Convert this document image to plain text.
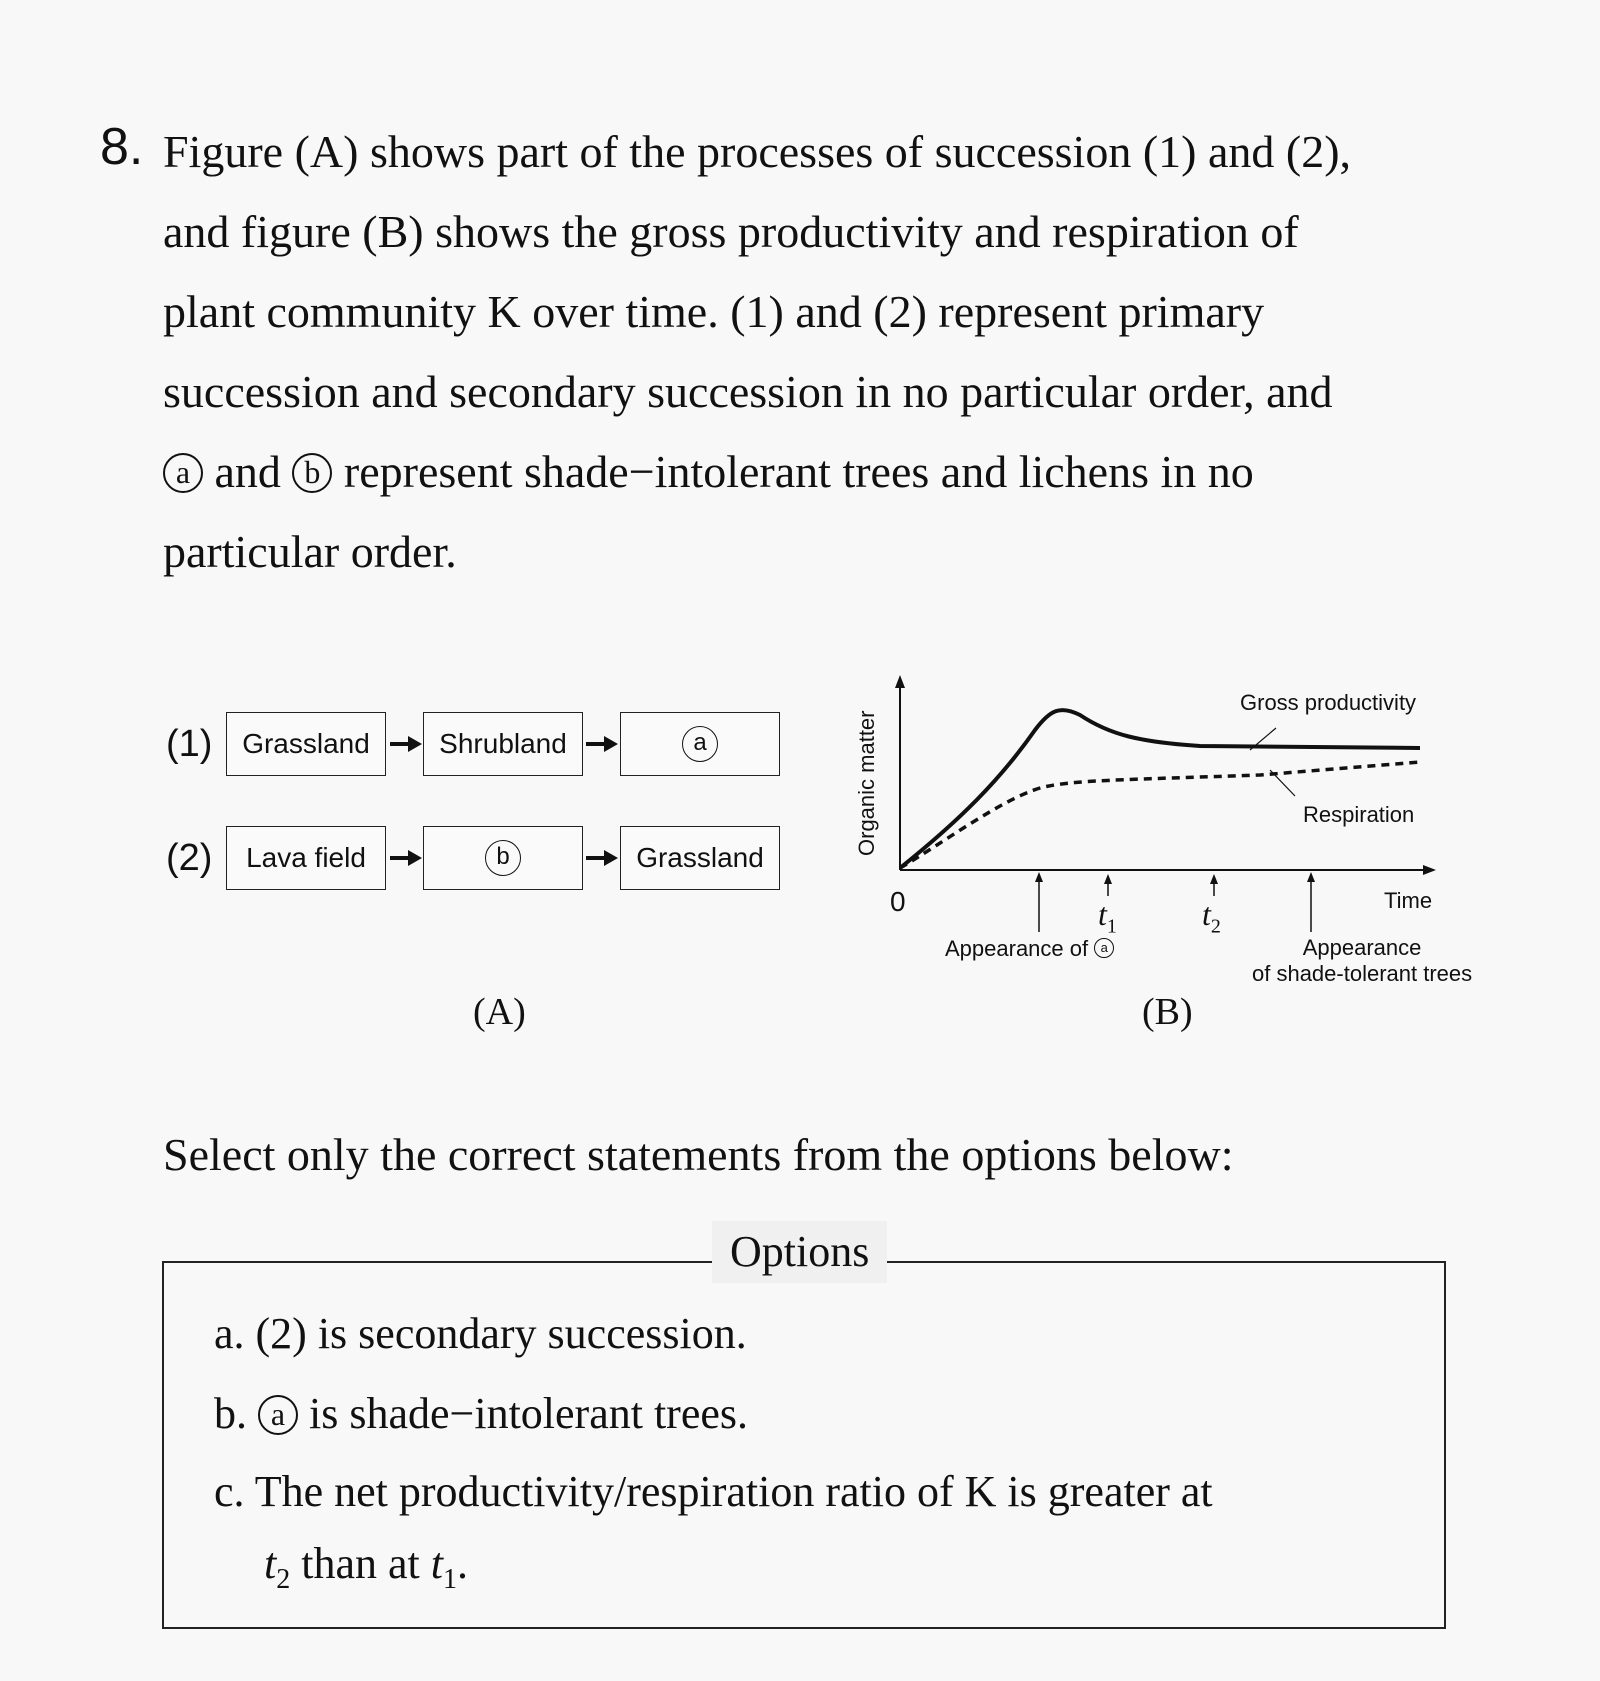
8. Figure (A) shows part of the processes of succession (1) and (2),

and figure (B) shows the gross productivity and respiration of

plant community K over time. (1) and (2) represent primary

succession and secondary succession in no particular order, and

a and b represent shade−intolerant trees and lichens in no

particular order.

(1)	Grassland	Shrubland	a
(2)	Lava field	b	Grassland
(A)
Organic matter
0	Time
Gross productivity
Respiration
$t_1$	$t_2$
Appearance of a	Appearance
of shade-tolerant trees
(B)
Select only the correct statements from the options below:
Options
a. (2) is secondary succession.
b. a is shade−intolerant trees.
c. The net productivity/respiration ratio of K is greater at
$t_2$ than at $t_1$.
